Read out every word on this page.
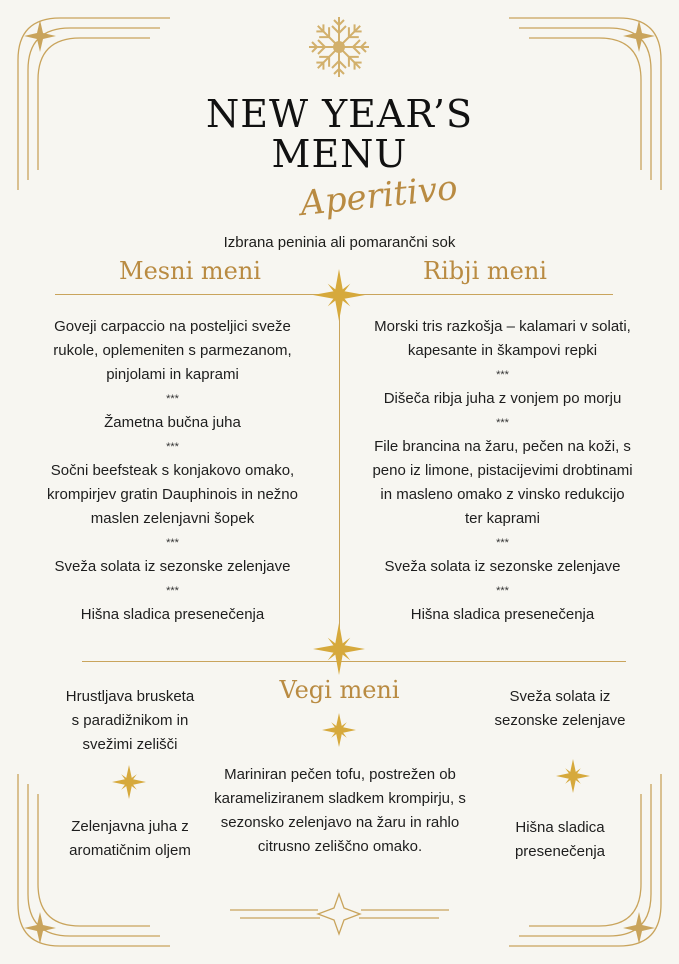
NEW YEAR’S
MENU
Aperitivo
Izbrana peninia ali pomarančni sok
Mesni meni	Ribji meni
Goveji carpaccio na posteljici sveže
rukole, oplemeniten s parmezanom,
pinjolami in kaprami
***
Žametna bučna juha
***
Sočni beefsteak s konjakovo omako,
krompirjev gratin Dauphinois in nežno
maslen zelenjavni šopek
***
Sveža solata iz sezonske zelenjave
***
Hišna sladica presenečenja
Morski tris razkošja – kalamari v solati,
kapesante in škampovi repki
***
Dišeča ribja juha z vonjem po morju
***
File brancina na žaru, pečen na koži, s
peno iz limone, pistacijevimi drobtinami
in masleno omako z vinsko redukcijo
ter kaprami
***
Sveža solata iz sezonske zelenjave
***
Hišna sladica presenečenja
Vegi meni
Hrustljava brusketa
s paradižnikom in
svežimi zelišči
Zelenjavna juha z
aromatičnim oljem
Mariniran pečen tofu, postrežen ob
karameliziranem sladkem krompirju, s
sezonsko zelenjavo na žaru in rahlo
citrusno zeliščno omako.
Sveža solata iz
sezonske zelenjave
Hišna sladica
presenečenja
